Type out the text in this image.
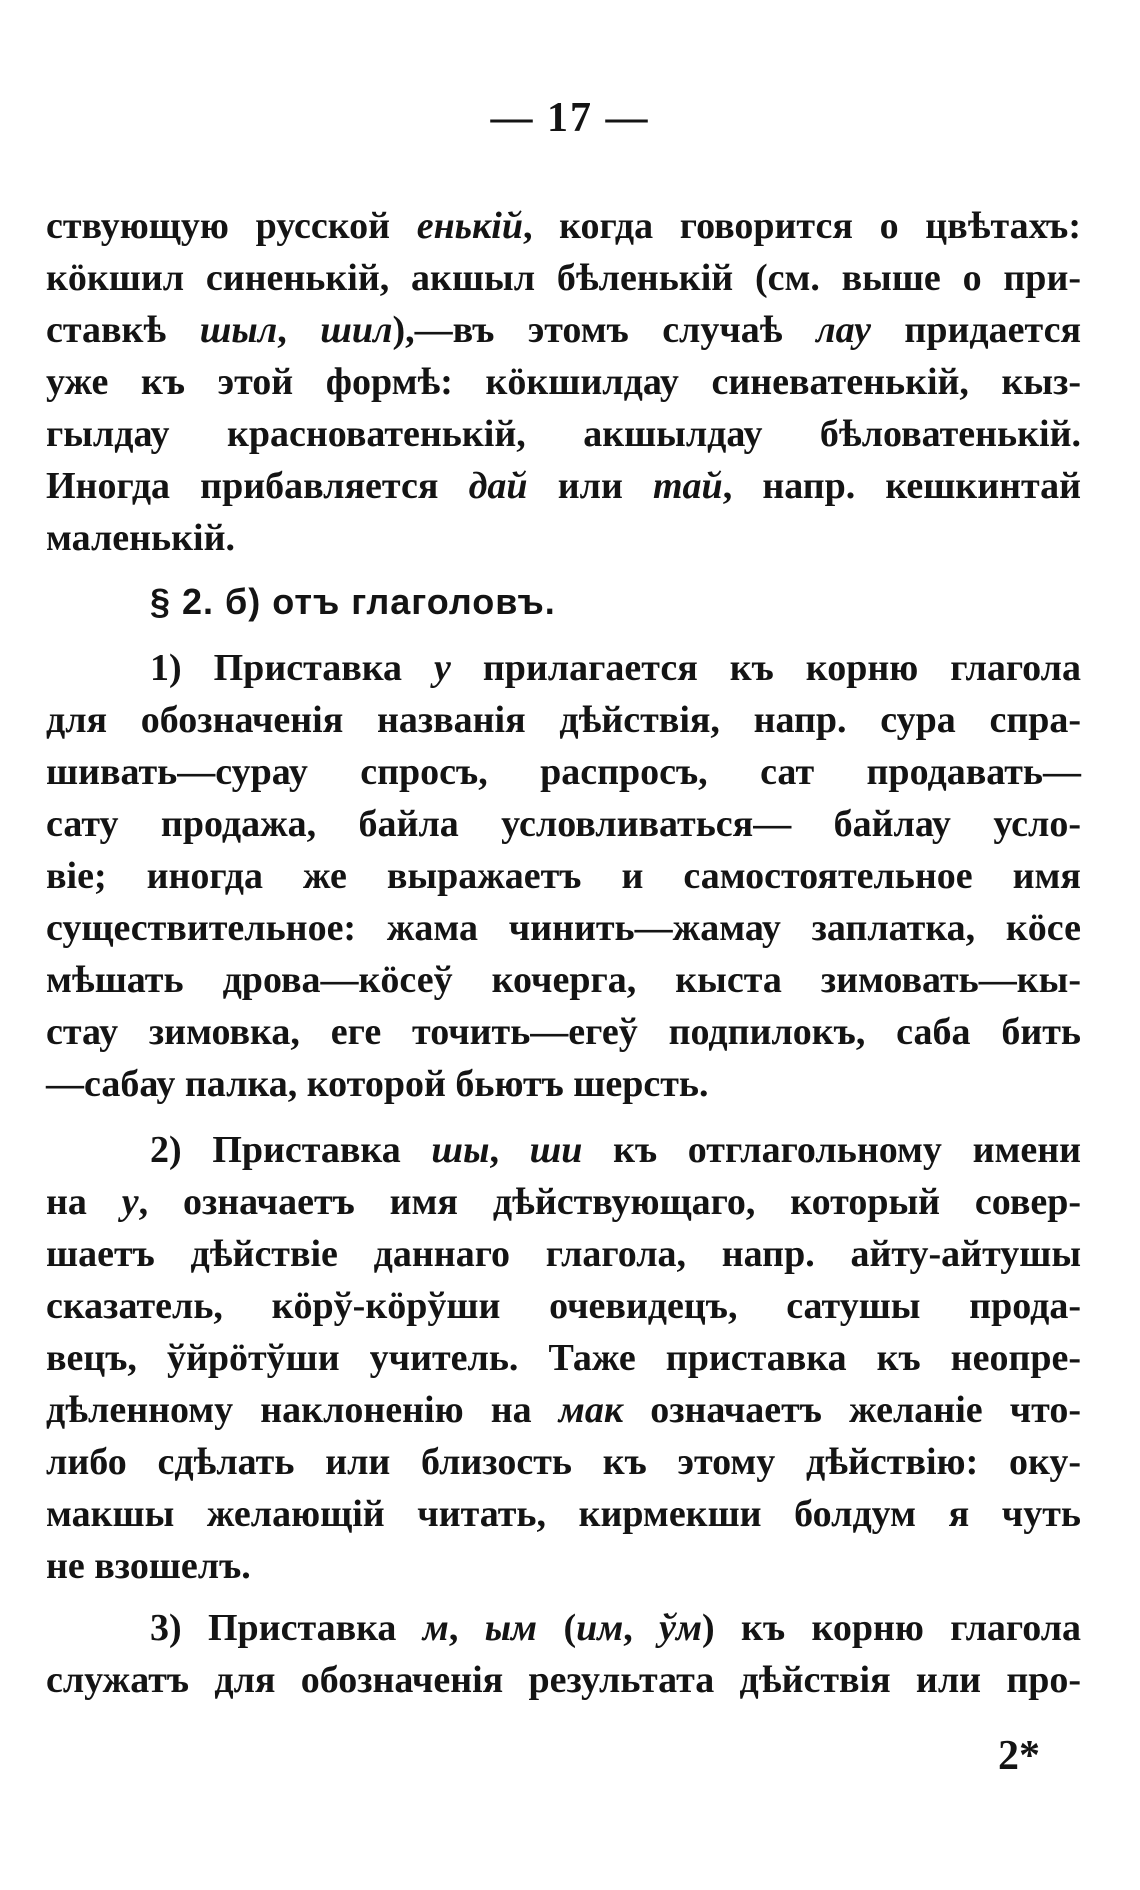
— 17 —
ствующую русской енькій, когда говорится о цвѣтахъ:
кöкшил синенькій, акшыл бѣленькій (см. выше о при-
ставкѣ шыл, шил),—въ этомъ случаѣ лау придается
уже къ этой формѣ: кöкшилдау синеватенькій, кыз-
гылдау красноватенькій, акшылдау бѣловатенькій.
Иногда прибавляется дай или тай, напр. кешкинтай
маленькій.
§ 2. б) отъ глаголовъ.
1) Приставка у прилагается къ корню глагола
для обозначенія названія дѣйствія, напр. сура спра-
шивать—сурау спросъ, распросъ, сат продавать—
сату продажа, байла условливаться— байлау усло-
віе; иногда же выражаетъ и самостоятельное имя
существительное: жама чинить—жамау заплатка, кöсе
мѣшать дрова—кöсеў кочерга, кыста зимовать—кы-
стау зимовка, еге точить—егеў подпилокъ, саба бить
—сабау палка, которой бьютъ шерсть.
2) Приставка шы, ши къ отглагольному имени
на у, означаетъ имя дѣйствующаго, который совер-
шаетъ дѣйствіе даннаго глагола, напр. айту-айтушы
сказатель, кöрў-кöрўши очевидецъ, сатушы прода-
вецъ, ўйрöтўши учитель. Таже приставка къ неопре-
дѣленному наклоненію на мак означаетъ желаніе что-
либо сдѣлать или близость къ этому дѣйствію: оку-
макшы желающій читать, кирмекши болдум я чуть
не взошелъ.
3) Приставка м, ым (им, ўм) къ корню глагола
служатъ для обозначенія результата дѣйствія или про-
2*
